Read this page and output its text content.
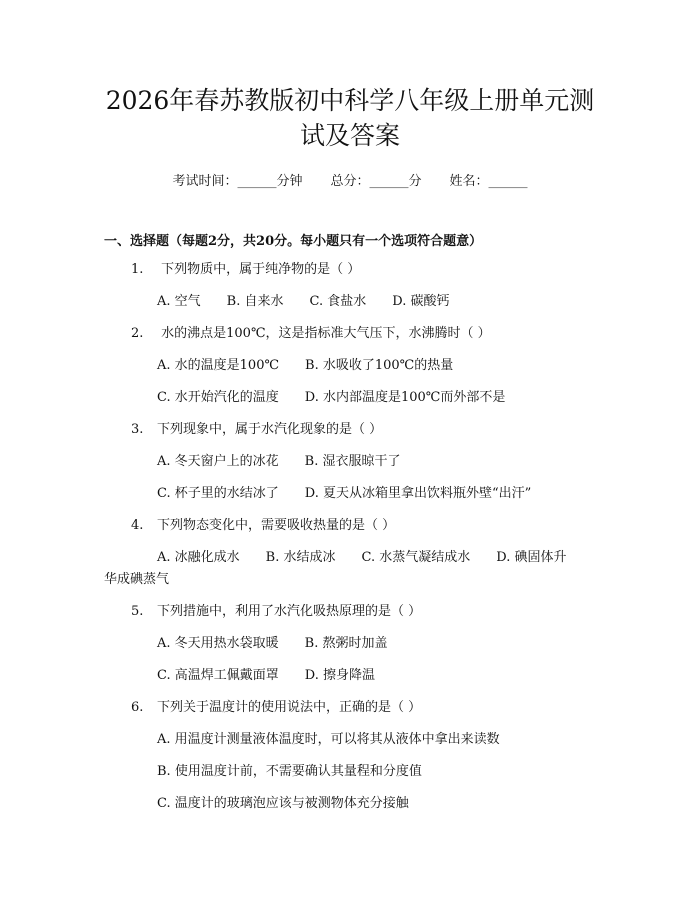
2026年春苏教版初中科学八年级上册单元测
试及答案
考试时间：______分钟 总分：______分 姓名：______
一、选择题（每题2分，共20分。每小题只有一个选项符合题意）
1. 下列物质中，属于纯净物的是（ ）
A. 空气 B. 自来水 C. 食盐水 D. 碳酸钙
2. 水的沸点是100℃，这是指标准大气压下，水沸腾时（ ）
A. 水的温度是100℃ B. 水吸收了100℃的热量
C. 水开始汽化的温度 D. 水内部温度是100℃而外部不是
3. 下列现象中，属于水汽化现象的是（ ）
A. 冬天窗户上的冰花 B. 湿衣服晾干了
C. 杯子里的水结冰了 D. 夏天从冰箱里拿出饮料瓶外壁“出汗”
4. 下列物态变化中，需要吸收热量的是（ ）
A. 冰融化成水 B. 水结成冰 C. 水蒸气凝结成水 D. 碘固体升
华成碘蒸气
5. 下列措施中，利用了水汽化吸热原理的是（ ）
A. 冬天用热水袋取暖 B. 熬粥时加盖
C. 高温焊工佩戴面罩 D. 擦身降温
6. 下列关于温度计的使用说法中，正确的是（ ）
A. 用温度计测量液体温度时，可以将其从液体中拿出来读数
B. 使用温度计前，不需要确认其量程和分度值
C. 温度计的玻璃泡应该与被测物体充分接触
